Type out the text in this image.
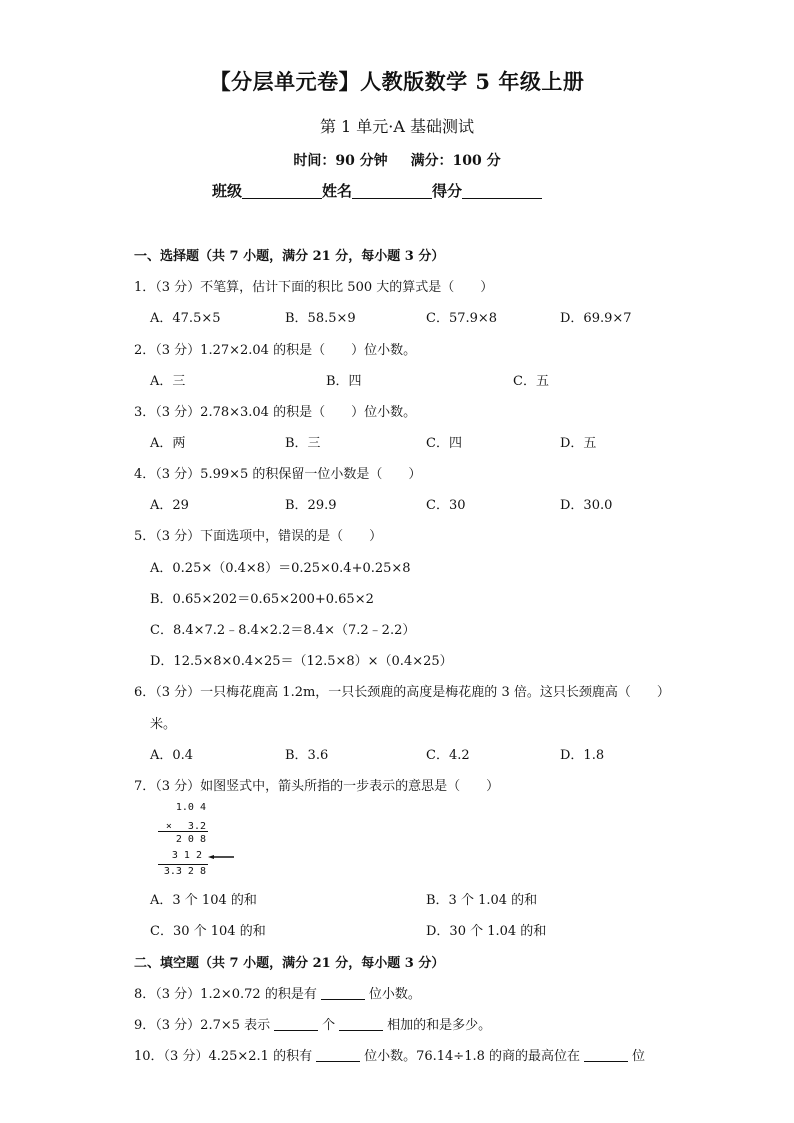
【分层单元卷】人教版数学 5 年级上册
第 1 单元·A 基础测试
时间：90 分钟 满分：100 分
班级	姓名	得分
一、选择题（共 7 小题，满分 21 分，每小题 3 分）
1．（3 分）不笔算，估计下面的积比 500 大的算式是（　　）
A．47.5×5	B．58.5×9	C．57.9×8	D．69.9×7
2．（3 分）1.27×2.04 的积是（　　）位小数。
A．三	B．四	C．五
3．（3 分）2.78×3.04 的积是（　　）位小数。
A．两	B．三	C．四	D．五
4．（3 分）5.99×5 的积保留一位小数是（　　）
A．29	B．29.9	C．30	D．30.0
5．（3 分）下面选项中，错误的是（　　）
A．0.25×（0.4×8）＝0.25×0.4+0.25×8
B．0.65×202＝0.65×200+0.65×2
C．8.4×7.2﹣8.4×2.2＝8.4×（7.2﹣2.2）
D．12.5×8×0.4×25＝（12.5×8）×（0.4×25）
6．（3 分）一只梅花鹿高 1.2m，一只长颈鹿的高度是梅花鹿的 3 倍。这只长颈鹿高（　　）
米。
A．0.4	B．3.6	C．4.2	D．1.8
7．（3 分）如图竖式中，箭头所指的一步表示的意思是（　　）
1.0 4
× 　3.2
2 0 8
3 1 2
3.3 2 8
A．3 个 104 的和	B．3 个 1.04 的和
C．30 个 104 的和	D．30 个 1.04 的和
二、填空题（共 7 小题，满分 21 分，每小题 3 分）
8．（3 分）1.2×0.72 的积是有	位小数。
9．（3 分）2.7×5 表示	个	相加的和是多少。
10．（3 分）4.25×2.1 的积有	位小数。76.14÷1.8 的商的最高位在	位
